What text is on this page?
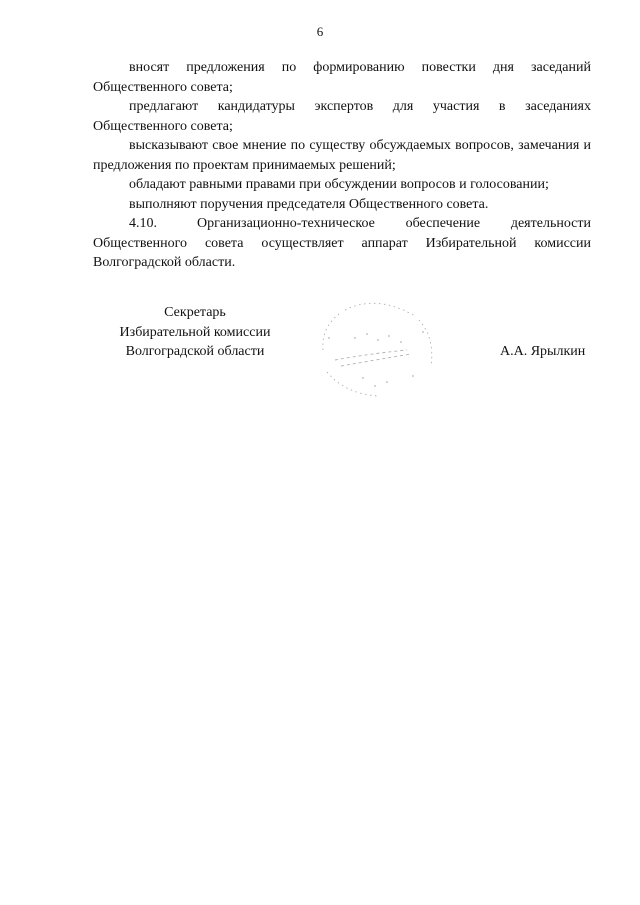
6

вносят предложения по формированию повестки дня заседаний Общественного совета;

предлагают кандидатуры экспертов для участия в заседаниях Общественного совета;

высказывают свое мнение по существу обсуждаемых вопросов, замечания и предложения по проектам принимаемых решений;

обладают равными правами при обсуждении вопросов и голосовании;

выполняют поручения председателя Общественного совета.

4.10.	Организационно-техническое обеспечение деятельности Общественного совета осуществляет аппарат Избирательной комиссии Волгоградской области.

Секретарь
Избирательной комиссии
Волгоградской области	А.А. Ярылкин
